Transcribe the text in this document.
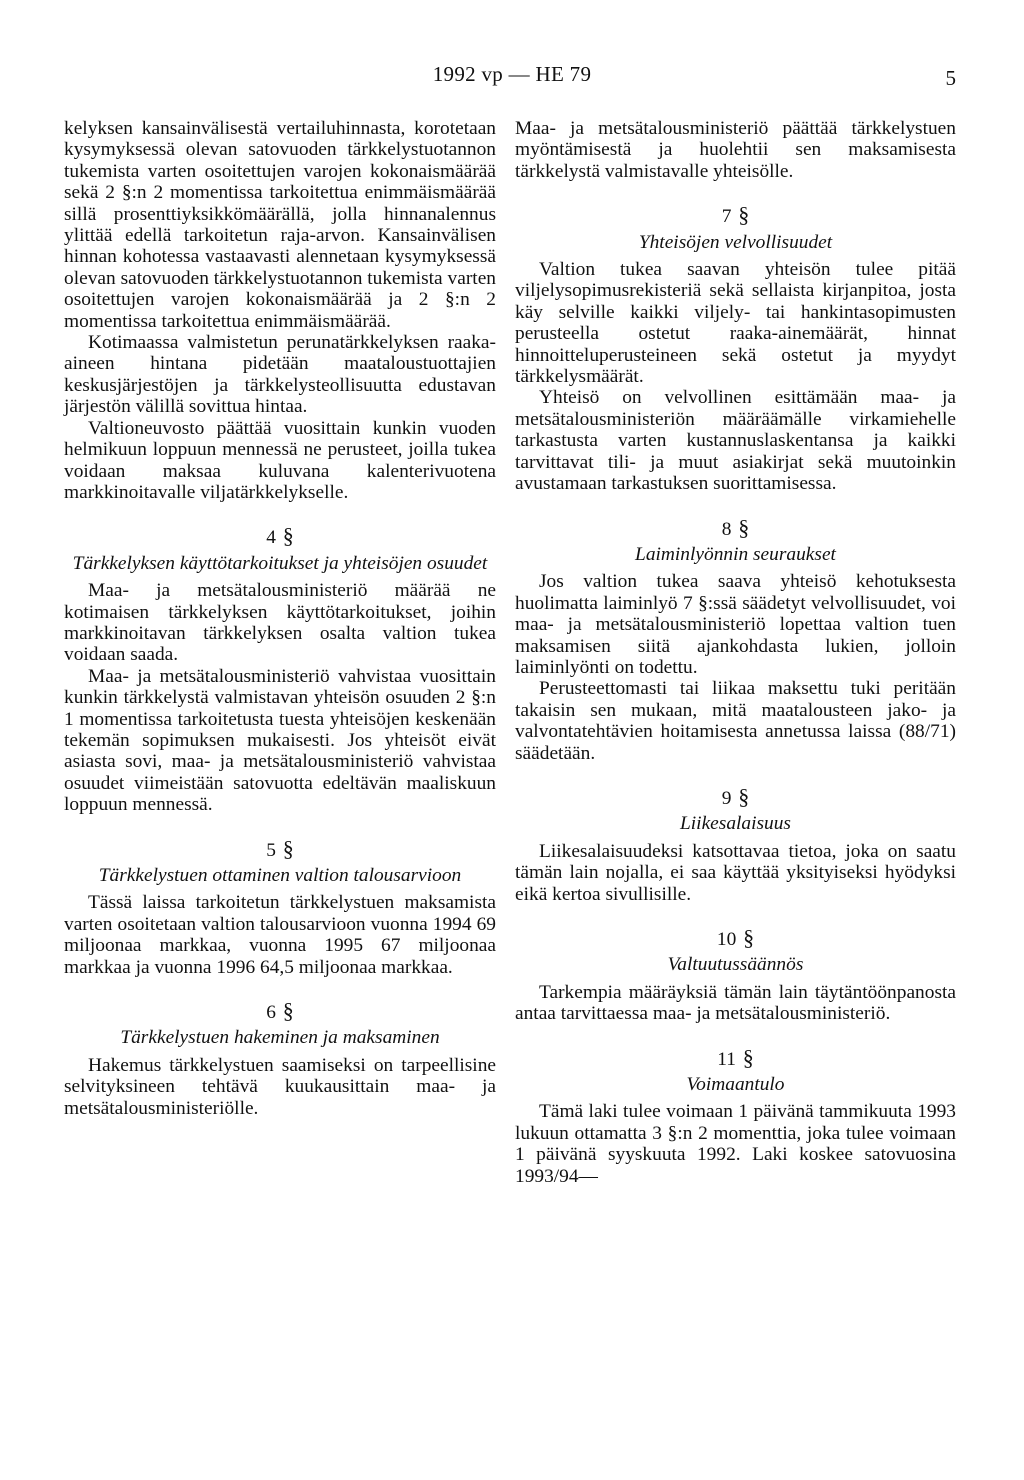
1992 vp — HE 79	5

kelyksen kansainvälisestä vertailuhinnasta, korotetaan kysymyksessä olevan satovuoden tärkkelystuotannon tukemista varten osoitettujen varojen kokonaismäärää sekä 2 §:n 2 momentissa tarkoitettua enimmäismäärää sillä prosenttiyksikkömäärällä, jolla hinnanalennus ylittää edellä tarkoitetun raja-arvon. Kansainvälisen hinnan kohotessa vastaavasti alennetaan kysymyksessä olevan satovuoden tärkkelystuotannon tukemista varten osoitettujen varojen kokonaismäärää ja 2 §:n 2 momentissa tarkoitettua enimmäismäärää.

Kotimaassa valmistetun perunatärkkelyksen raaka-aineen hintana pidetään maataloustuottajien keskusjärjestöjen ja tärkkelysteollisuutta edustavan järjestön välillä sovittua hintaa.

Valtioneuvosto päättää vuosittain kunkin vuoden helmikuun loppuun mennessä ne perusteet, joilla tukea voidaan maksaa kuluvana kalenterivuotena markkinoitavalle viljatärkkelykselle.

4 §
Tärkkelyksen käyttötarkoitukset ja yhteisöjen osuudet

Maa- ja metsätalousministeriö määrää ne kotimaisen tärkkelyksen käyttötarkoitukset, joihin markkinoitavan tärkkelyksen osalta valtion tukea voidaan saada.

Maa- ja metsätalousministeriö vahvistaa vuosittain kunkin tärkkelystä valmistavan yhteisön osuuden 2 §:n 1 momentissa tarkoitetusta tuesta yhteisöjen keskenään tekemän sopimuksen mukaisesti. Jos yhteisöt eivät asiasta sovi, maa- ja metsätalousministeriö vahvistaa osuudet viimeistään satovuotta edeltävän maaliskuun loppuun mennessä.

5 §
Tärkkelystuen ottaminen valtion talousarvioon

Tässä laissa tarkoitetun tärkkelystuen maksamista varten osoitetaan valtion talousarvioon vuonna 1994 69 miljoonaa markkaa, vuonna 1995 67 miljoonaa markkaa ja vuonna 1996 64,5 miljoonaa markkaa.

6 §
Tärkkelystuen hakeminen ja maksaminen

Hakemus tärkkelystuen saamiseksi on tarpeellisine selvityksineen tehtävä kuukausittain maa- ja metsätalousministeriölle.

Maa- ja metsätalousministeriö päättää tärkkelystuen myöntämisestä ja huolehtii sen maksamisesta tärkkelystä valmistavalle yhteisölle.

7 §
Yhteisöjen velvollisuudet

Valtion tukea saavan yhteisön tulee pitää viljelysopimusrekisteriä sekä sellaista kirjanpitoa, josta käy selville kaikki viljely- tai hankintasopimusten perusteella ostetut raaka-ainemäärät, hinnat hinnoitteluperusteineen sekä ostetut ja myydyt tärkkelysmäärät.

Yhteisö on velvollinen esittämään maa- ja metsätalousministeriön määräämälle virkamiehelle tarkastusta varten kustannuslaskentansa ja kaikki tarvittavat tili- ja muut asiakirjat sekä muutoinkin avustamaan tarkastuksen suorittamisessa.

8 §
Laiminlyönnin seuraukset

Jos valtion tukea saava yhteisö kehotuksesta huolimatta laiminlyö 7 §:ssä säädetyt velvollisuudet, voi maa- ja metsätalousministeriö lopettaa valtion tuen maksamisen siitä ajankohdasta lukien, jolloin laiminlyönti on todettu.

Perusteettomasti tai liikaa maksettu tuki peritään takaisin sen mukaan, mitä maatalousteen jako- ja valvontatehtävien hoitamisesta annetussa laissa (88/71) säädetään.

9 §
Liikesalaisuus

Liikesalaisuudeksi katsottavaa tietoa, joka on saatu tämän lain nojalla, ei saa käyttää yksityiseksi hyödyksi eikä kertoa sivullisille.

10 §
Valtuutussäännös

Tarkempia määräyksiä tämän lain täytäntöönpanosta antaa tarvittaessa maa- ja metsätalousministeriö.

11 §
Voimaantulo

Tämä laki tulee voimaan 1 päivänä tammikuuta 1993 lukuun ottamatta 3 §:n 2 momenttia, joka tulee voimaan 1 päivänä syyskuuta 1992. Laki koskee satovuosina 1993/94—
